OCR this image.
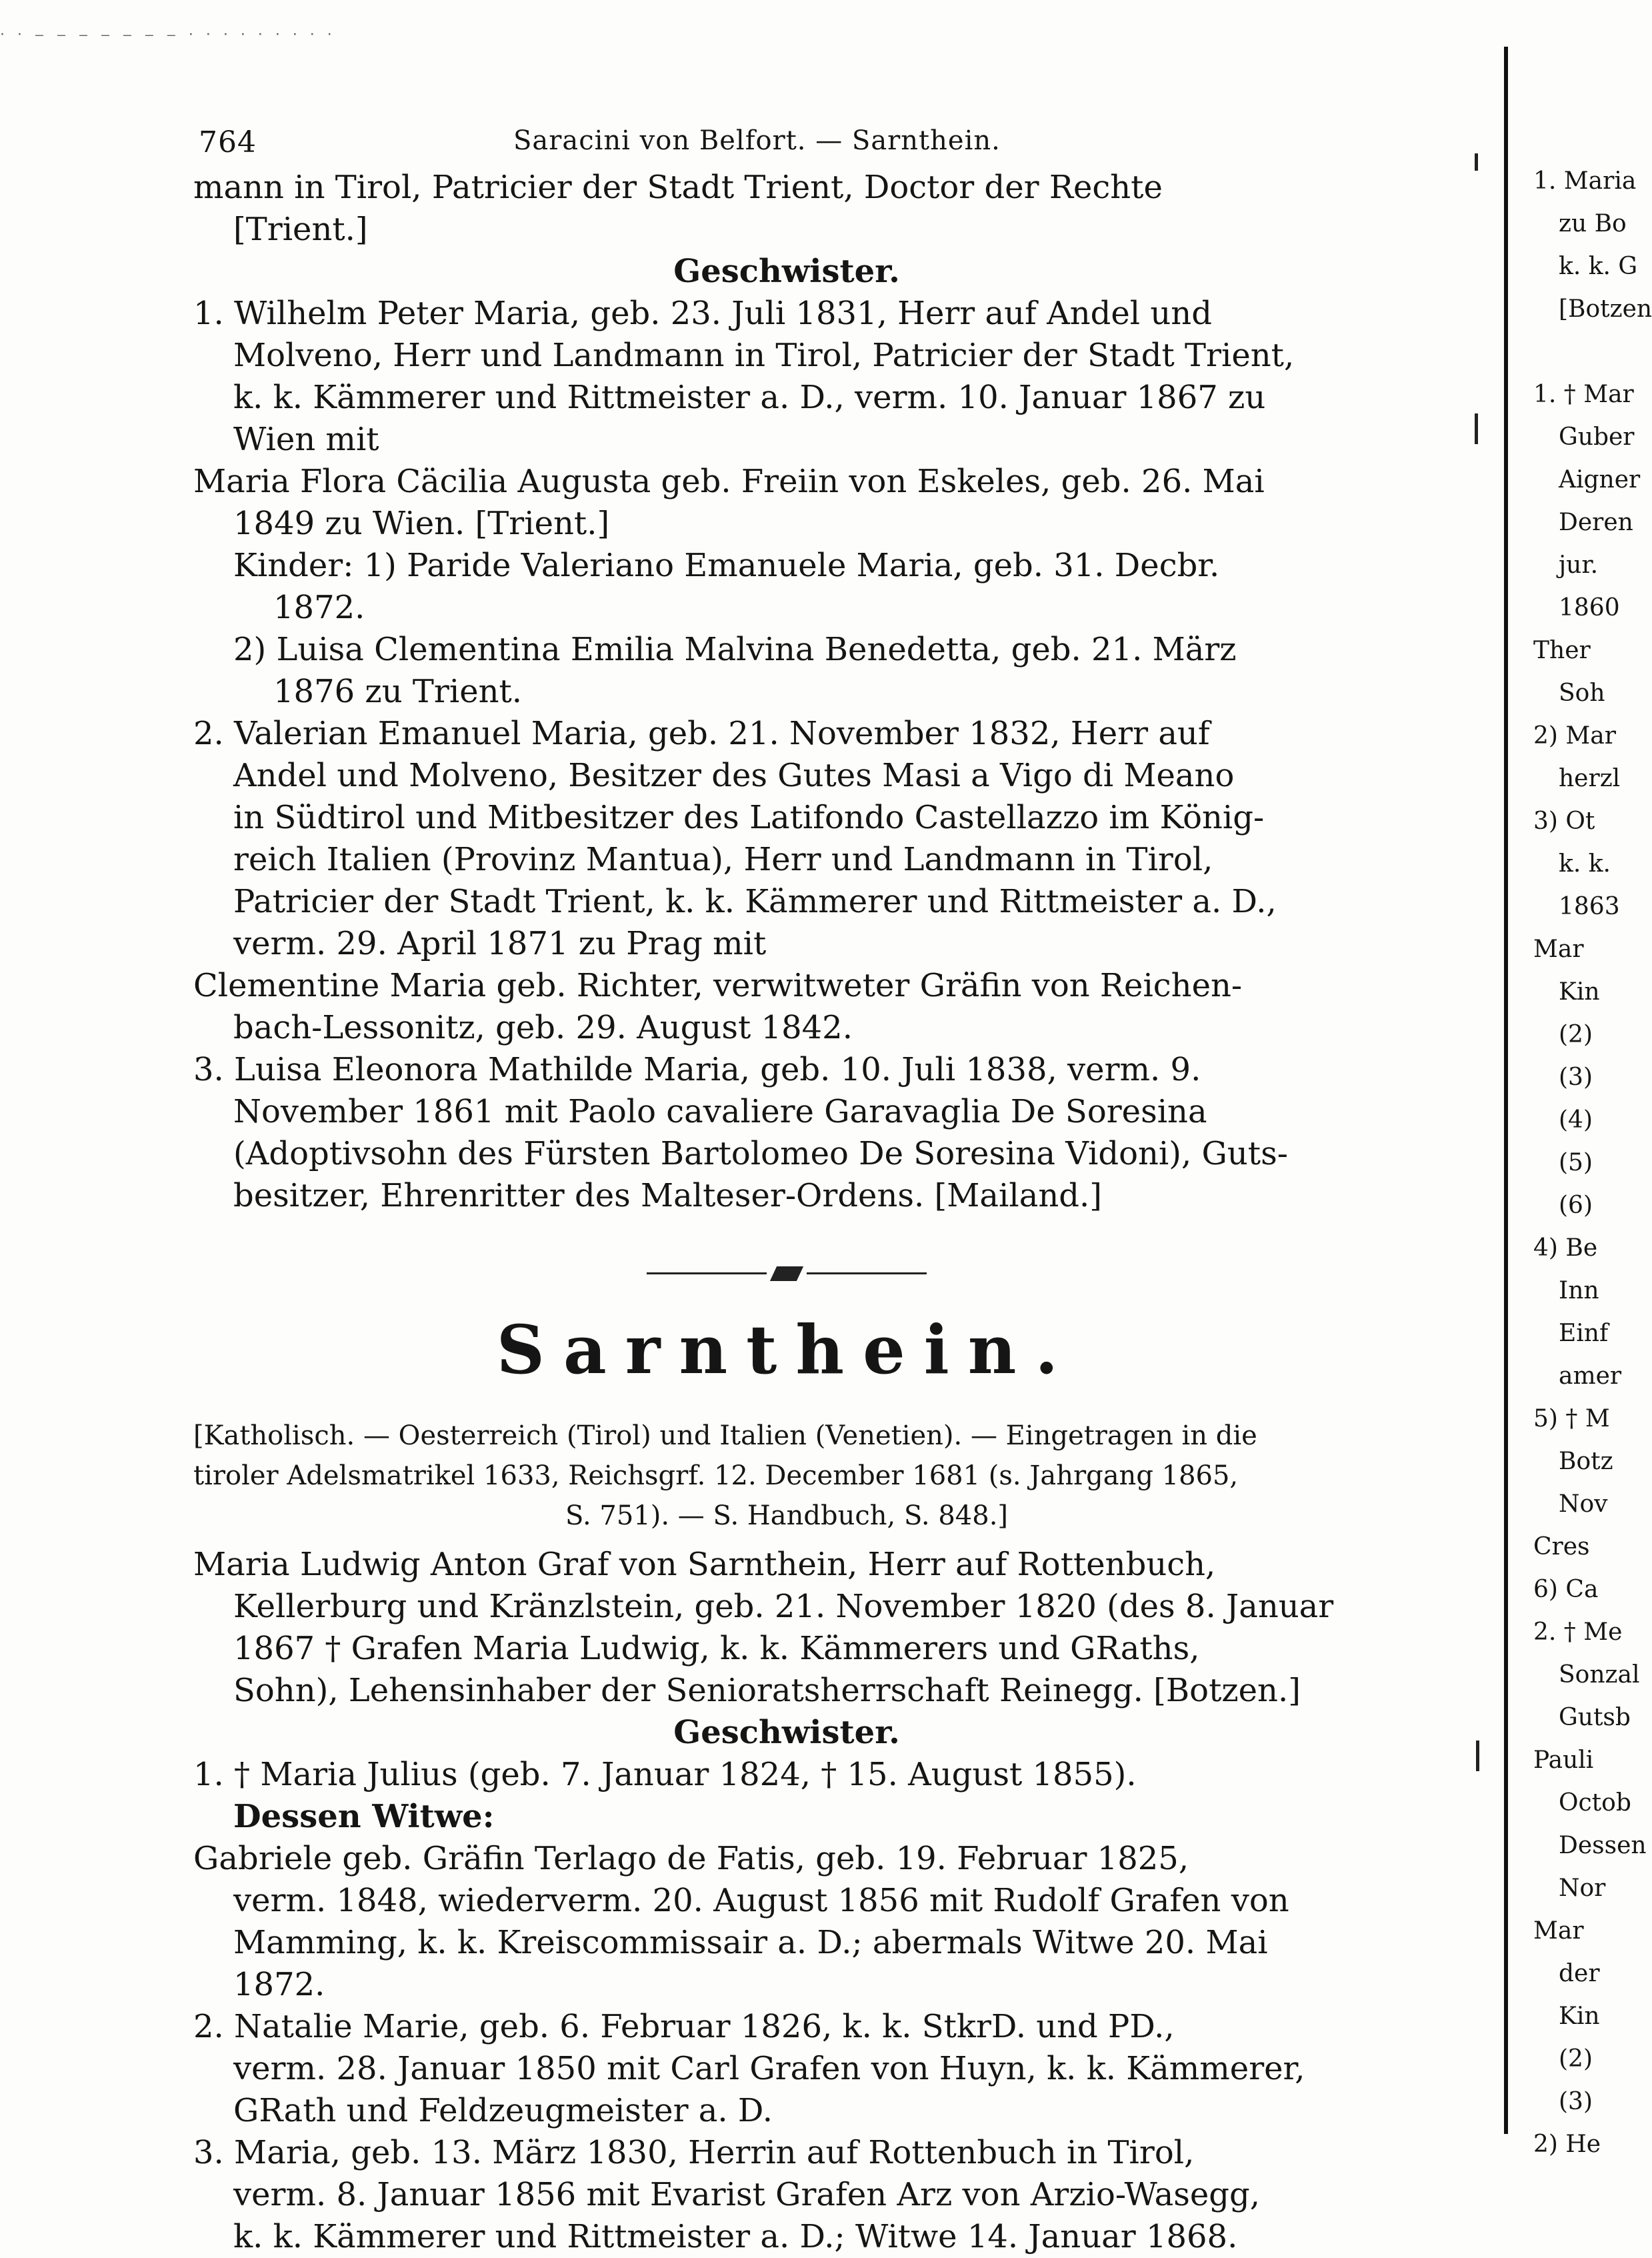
· · ‒ ‒ ‒ ‒ ‒ ‒ ‒ · · · · · · · · ·
764	Saracini von Belfort. — Sarnthein.
mann in Tirol, Patricier der Stadt Trient, Doctor der Rechte
[Trient.]
Geschwister.
1. Wilhelm Peter Maria, geb. 23. Juli 1831, Herr auf Andel und
Molveno, Herr und Landmann in Tirol, Patricier der Stadt Trient,
k. k. Kämmerer und Rittmeister a. D., verm. 10. Januar 1867 zu
Wien mit
Maria Flora Cäcilia Augusta geb. Freiin von Eskeles, geb. 26. Mai
1849 zu Wien. [Trient.]
Kinder: 1) Paride Valeriano Emanuele Maria, geb. 31. Decbr.
1872.
2) Luisa Clementina Emilia Malvina Benedetta, geb. 21. März
1876 zu Trient.
2. Valerian Emanuel Maria, geb. 21. November 1832, Herr auf
Andel und Molveno, Besitzer des Gutes Masi a Vigo di Meano
in Südtirol und Mitbesitzer des Latifondo Castellazzo im König-
reich Italien (Provinz Mantua), Herr und Landmann in Tirol,
Patricier der Stadt Trient, k. k. Kämmerer und Rittmeister a. D.,
verm. 29. April 1871 zu Prag mit
Clementine Maria geb. Richter, verwitweter Gräfin von Reichen-
bach-Lessonitz, geb. 29. August 1842.
3. Luisa Eleonora Mathilde Maria, geb. 10. Juli 1838, verm. 9.
November 1861 mit Paolo cavaliere Garavaglia De Soresina
(Adoptivsohn des Fürsten Bartolomeo De Soresina Vidoni), Guts-
besitzer, Ehrenritter des Malteser-Ordens. [Mailand.]
Sarnthein.
[Katholisch. — Oesterreich (Tirol) und Italien (Venetien). — Eingetragen in die
tiroler Adelsmatrikel 1633, Reichsgrf. 12. December 1681 (s. Jahrgang 1865,
S. 751). — S. Handbuch, S. 848.]
Maria Ludwig Anton Graf von Sarnthein, Herr auf Rottenbuch,
Kellerburg und Kränzlstein, geb. 21. November 1820 (des 8. Januar
1867 † Grafen Maria Ludwig, k. k. Kämmerers und GRaths,
Sohn), Lehensinhaber der Senioratsherrschaft Reinegg. [Botzen.]
Geschwister.
1. † Maria Julius (geb. 7. Januar 1824, † 15. August 1855).
Dessen Witwe:
Gabriele geb. Gräfin Terlago de Fatis, geb. 19. Februar 1825,
verm. 1848, wiederverm. 20. August 1856 mit Rudolf Grafen von
Mamming, k. k. Kreiscommissair a. D.; abermals Witwe 20. Mai
1872.
2. Natalie Marie, geb. 6. Februar 1826, k. k. StkrD. und PD.,
verm. 28. Januar 1850 mit Carl Grafen von Huyn, k. k. Kämmerer,
GRath und Feldzeugmeister a. D.
3. Maria, geb. 13. März 1830, Herrin auf Rottenbuch in Tirol,
verm. 8. Januar 1856 mit Evarist Grafen Arz von Arzio-Wasegg,
k. k. Kämmerer und Rittmeister a. D.; Witwe 14. Januar 1868.
1. Maria
zu Bo
k. k. G
[Botzen
1. † Mar
Guber
Aigner
Deren
jur.
1860
Ther
Soh
2) Mar
herzl
3) Ot
k. k.
1863
Mar
Kin
(2)
(3)
(4)
(5)
(6)
4) Be
Inn
Einf
amer
5) † M
Botz
Nov
Cres
6) Ca
2. † Me
Sonzal
Gutsb
Pauli
Octob
Dessen
Nor
Mar
der
Kin
(2)
(3)
2) He
